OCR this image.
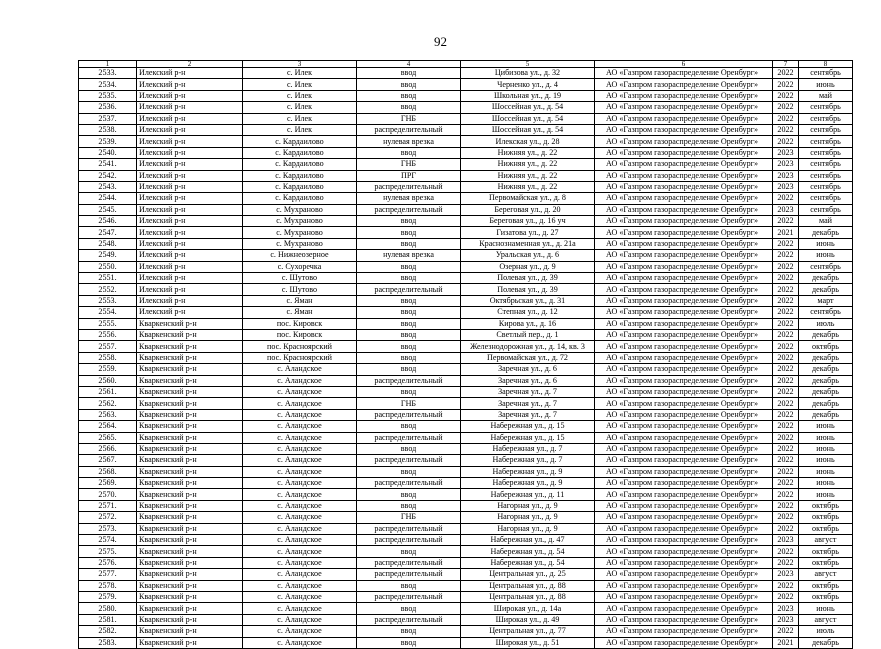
92
1	2	3	4	5	6	7	8
2533.	Илекский р-н	с. Илек	ввод	Цибизова ул., д. 32	АО «Газпром газораспределение Оренбург»	2022	сентябрь
2534.	Илекский р-н	с. Илек	ввод	Черненко ул., д. 4	АО «Газпром газораспределение Оренбург»	2022	июнь
2535.	Илекский р-н	с. Илек	ввод	Школьная ул., д. 19	АО «Газпром газораспределение Оренбург»	2022	май
2536.	Илекский р-н	с. Илек	ввод	Шоссейная ул., д. 54	АО «Газпром газораспределение Оренбург»	2022	сентябрь
2537.	Илекский р-н	с. Илек	ГНБ	Шоссейная ул., д. 54	АО «Газпром газораспределение Оренбург»	2022	сентябрь
2538.	Илекский р-н	с. Илек	распределительный	Шоссейная ул., д. 54	АО «Газпром газораспределение Оренбург»	2022	сентябрь
2539.	Илекский р-н	с. Кардаилово	нулевая врезка	Илекская ул., д. 28	АО «Газпром газораспределение Оренбург»	2022	сентябрь
2540.	Илекский р-н	с. Кардаилово	ввод	Нижняя ул., д. 22	АО «Газпром газораспределение Оренбург»	2023	сентябрь
2541.	Илекский р-н	с. Кардаилово	ГНБ	Нижняя ул., д. 22	АО «Газпром газораспределение Оренбург»	2023	сентябрь
2542.	Илекский р-н	с. Кардаилово	ПРГ	Нижняя ул., д. 22	АО «Газпром газораспределение Оренбург»	2023	сентябрь
2543.	Илекский р-н	с. Кардаилово	распределительный	Нижняя ул., д. 22	АО «Газпром газораспределение Оренбург»	2023	сентябрь
2544.	Илекский р-н	с. Кардаилово	нулевая врезка	Первомайская ул., д. 8	АО «Газпром газораспределение Оренбург»	2022	сентябрь
2545.	Илекский р-н	с. Мухраново	распределительный	Береговая ул., д. 20	АО «Газпром газораспределение Оренбург»	2023	сентябрь
2546.	Илекский р-н	с. Мухраново	ввод	Береговая ул., д. 16 уч	АО «Газпром газораспределение Оренбург»	2022	май
2547.	Илекский р-н	с. Мухраново	ввод	Гизатова ул., д. 27	АО «Газпром газораспределение Оренбург»	2021	декабрь
2548.	Илекский р-н	с. Мухраново	ввод	Краснознаменная ул., д. 21а	АО «Газпром газораспределение Оренбург»	2022	июнь
2549.	Илекский р-н	с. Нижнеозерное	нулевая врезка	Уральская ул., д. 6	АО «Газпром газораспределение Оренбург»	2022	июнь
2550.	Илекский р-н	с. Сухоречка	ввод	Озерная ул., д. 9	АО «Газпром газораспределение Оренбург»	2022	сентябрь
2551.	Илекский р-н	с. Шутово	ввод	Полевая ул., д. 39	АО «Газпром газораспределение Оренбург»	2022	декабрь
2552.	Илекский р-н	с. Шутово	распределительный	Полевая ул., д. 39	АО «Газпром газораспределение Оренбург»	2022	декабрь
2553.	Илекский р-н	с. Яман	ввод	Октябрьская ул., д. 31	АО «Газпром газораспределение Оренбург»	2022	март
2554.	Илекский р-н	с. Яман	ввод	Степная ул., д. 12	АО «Газпром газораспределение Оренбург»	2022	сентябрь
2555.	Кваркенский р-н	пос. Кировск	ввод	Кирова ул., д. 16	АО «Газпром газораспределение Оренбург»	2022	июль
2556.	Кваркенский р-н	пос. Кировск	ввод	Светлый пер., д. 1	АО «Газпром газораспределение Оренбург»	2022	декабрь
2557.	Кваркенский р-н	пос. Красноярский	ввод	Железнодорожная ул., д. 14, кв. 3	АО «Газпром газораспределение Оренбург»	2022	октябрь
2558.	Кваркенский р-н	пос. Красноярский	ввод	Первомайская ул., д. 72	АО «Газпром газораспределение Оренбург»	2022	декабрь
2559.	Кваркенский р-н	с. Аландское	ввод	Заречная ул., д. 6	АО «Газпром газораспределение Оренбург»	2022	декабрь
2560.	Кваркенский р-н	с. Аландское	распределительный	Заречная ул., д. 6	АО «Газпром газораспределение Оренбург»	2022	декабрь
2561.	Кваркенский р-н	с. Аландское	ввод	Заречная ул., д. 7	АО «Газпром газораспределение Оренбург»	2022	декабрь
2562.	Кваркенский р-н	с. Аландское	ГНБ	Заречная ул., д. 7	АО «Газпром газораспределение Оренбург»	2022	декабрь
2563.	Кваркенский р-н	с. Аландское	распределительный	Заречная ул., д. 7	АО «Газпром газораспределение Оренбург»	2022	декабрь
2564.	Кваркенский р-н	с. Аландское	ввод	Набережная ул., д. 15	АО «Газпром газораспределение Оренбург»	2022	июнь
2565.	Кваркенский р-н	с. Аландское	распределительный	Набережная ул., д. 15	АО «Газпром газораспределение Оренбург»	2022	июнь
2566.	Кваркенский р-н	с. Аландское	ввод	Набережная ул., д. 7	АО «Газпром газораспределение Оренбург»	2022	июнь
2567.	Кваркенский р-н	с. Аландское	распределительный	Набережная ул., д. 7	АО «Газпром газораспределение Оренбург»	2022	июнь
2568.	Кваркенский р-н	с. Аландское	ввод	Набережная ул., д. 9	АО «Газпром газораспределение Оренбург»	2022	июнь
2569.	Кваркенский р-н	с. Аландское	распределительный	Набережная ул., д. 9	АО «Газпром газораспределение Оренбург»	2022	июнь
2570.	Кваркенский р-н	с. Аландское	ввод	Набережная ул., д. 11	АО «Газпром газораспределение Оренбург»	2022	июнь
2571.	Кваркенский р-н	с. Аландское	ввод	Нагорная ул., д. 9	АО «Газпром газораспределение Оренбург»	2022	октябрь
2572.	Кваркенский р-н	с. Аландское	ГНБ	Нагорная ул., д. 9	АО «Газпром газораспределение Оренбург»	2022	октябрь
2573.	Кваркенский р-н	с. Аландское	распределительный	Нагорная ул., д. 9	АО «Газпром газораспределение Оренбург»	2022	октябрь
2574.	Кваркенский р-н	с. Аландское	распределительный	Набережная ул., д. 47	АО «Газпром газораспределение Оренбург»	2023	август
2575.	Кваркенский р-н	с. Аландское	ввод	Набережная ул., д. 54	АО «Газпром газораспределение Оренбург»	2022	октябрь
2576.	Кваркенский р-н	с. Аландское	распределительный	Набережная ул., д. 54	АО «Газпром газораспределение Оренбург»	2022	октябрь
2577.	Кваркенский р-н	с. Аландское	распределительный	Центральная ул., д. 25	АО «Газпром газораспределение Оренбург»	2023	август
2578.	Кваркенский р-н	с. Аландское	ввод	Центральная ул., д. 88	АО «Газпром газораспределение Оренбург»	2022	октябрь
2579.	Кваркенский р-н	с. Аландское	распределительный	Центральная ул., д. 88	АО «Газпром газораспределение Оренбург»	2022	октябрь
2580.	Кваркенский р-н	с. Аландское	ввод	Широкая ул., д. 14а	АО «Газпром газораспределение Оренбург»	2023	июнь
2581.	Кваркенский р-н	с. Аландское	распределительный	Широкая ул., д. 49	АО «Газпром газораспределение Оренбург»	2023	август
2582.	Кваркенский р-н	с. Аландское	ввод	Центральная ул., д. 77	АО «Газпром газораспределение Оренбург»	2022	июль
2583.	Кваркенский р-н	с. Аландское	ввод	Широкая ул., д. 51	АО «Газпром газораспределение Оренбург»	2021	декабрь
